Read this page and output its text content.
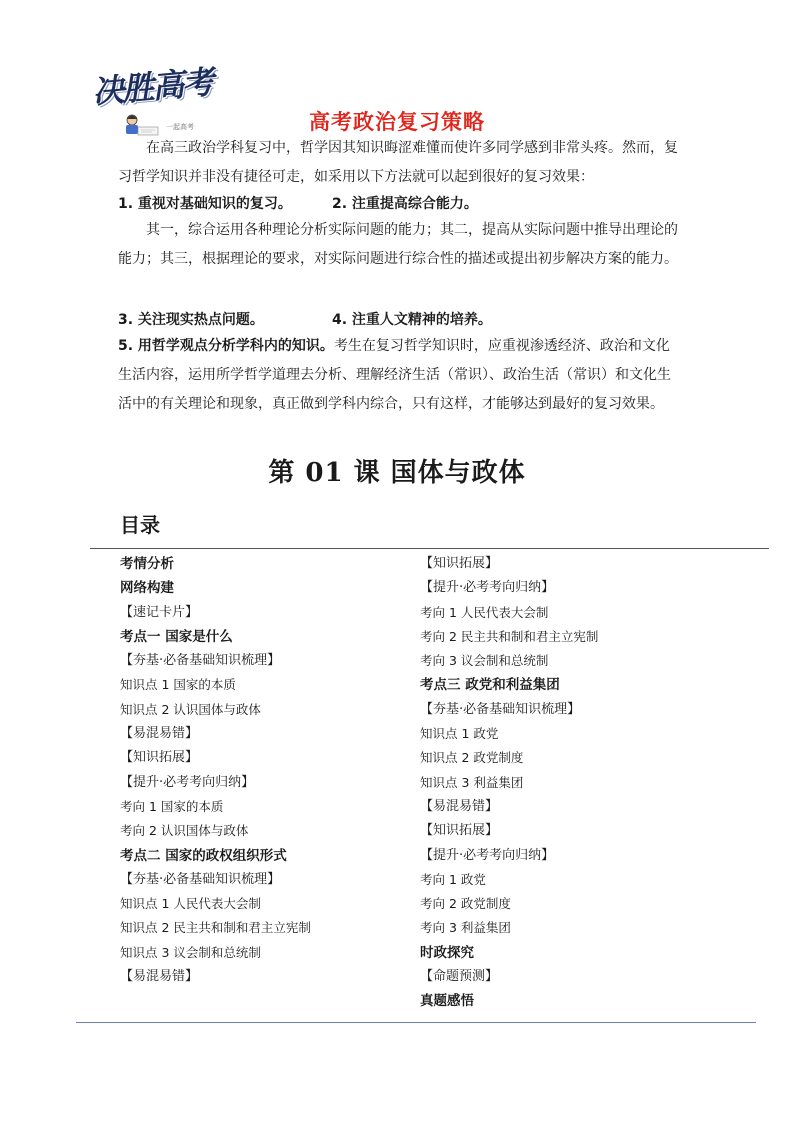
决胜高考
一起高考	高考政治复习策略

在高三政治学科复习中，哲学因其知识晦涩难懂而使许多同学感到非常头疼。然而，复习哲学知识并非没有捷径可走，如采用以下方法就可以起到很好的复习效果：

1. 重视对基础知识的复习。	2. 注重提高综合能力。

其一，综合运用各种理论分析实际问题的能力；其二，提高从实际问题中推导出理论的能力；其三，根据理论的要求，对实际问题进行综合性的描述或提出初步解决方案的能力。

3. 关注现实热点问题。	4. 注重人文精神的培养。

5. 用哲学观点分析学科内的知识。考生在复习哲学知识时，应重视渗透经济、政治和文化生活内容，运用所学哲学道理去分析、理解经济生活（常识）、政治生活（常识）和文化生活中的有关理论和现象，真正做到学科内综合，只有这样，才能够达到最好的复习效果。

第 01 课 国体与政体
目录
考情分析
网络构建
【速记卡片】
考点一 国家是什么
【夯基·必备基础知识梳理】
知识点 1 国家的本质
知识点 2 认识国体与政体
【易混易错】
【知识拓展】
【提升·必考考向归纳】
考向 1 国家的本质
考向 2 认识国体与政体
考点二 国家的政权组织形式
【夯基·必备基础知识梳理】
知识点 1 人民代表大会制
知识点 2 民主共和制和君主立宪制
知识点 3 议会制和总统制
【易混易错】
【知识拓展】
【提升·必考考向归纳】
考向 1 人民代表大会制
考向 2 民主共和制和君主立宪制
考向 3 议会制和总统制
考点三 政党和利益集团
【夯基·必备基础知识梳理】
知识点 1 政党
知识点 2 政党制度
知识点 3 利益集团
【易混易错】
【知识拓展】
【提升·必考考向归纳】
考向 1 政党
考向 2 政党制度
考向 3 利益集团
时政探究
【命题预测】
真题感悟
